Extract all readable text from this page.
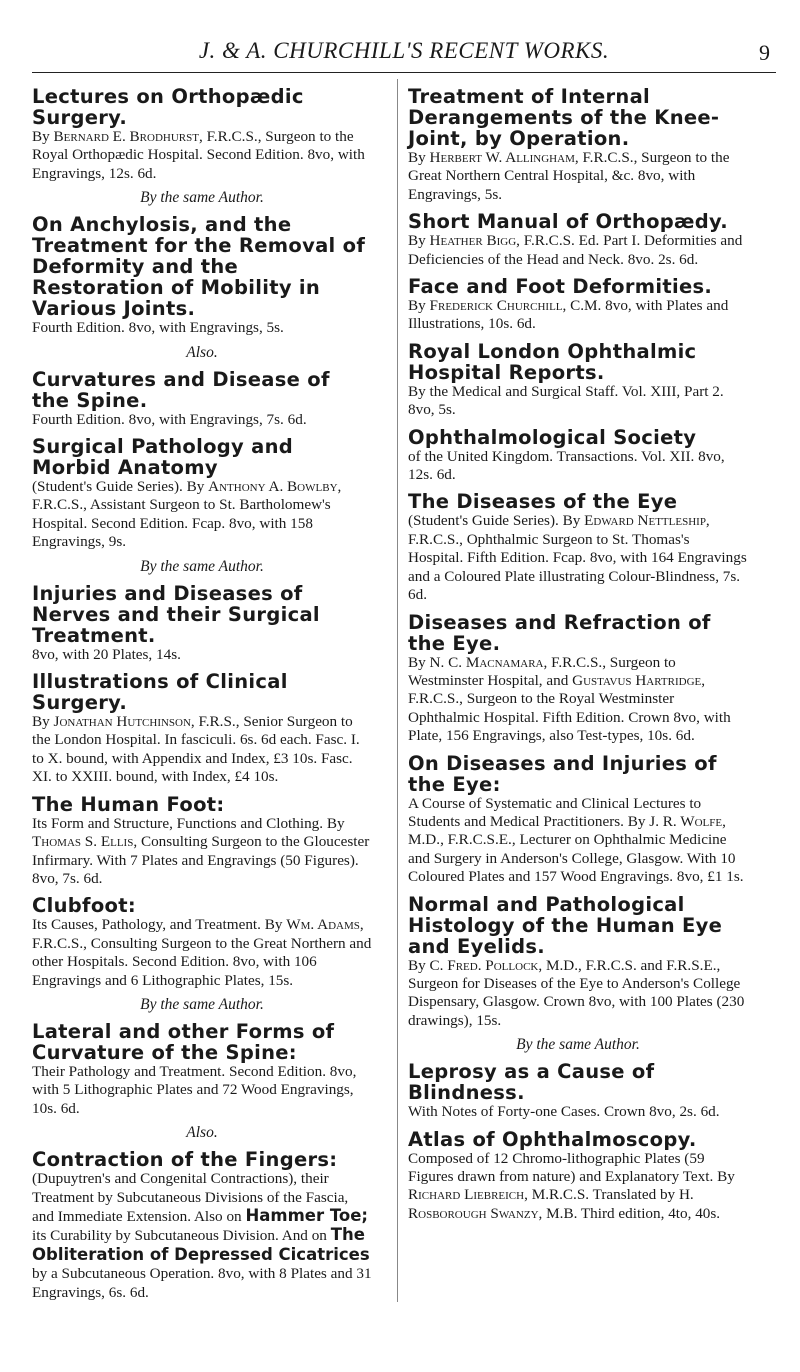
J. & A. CHURCHILL'S RECENT WORKS.	9
Lectures on Orthopædic Surgery.
By Bernard E. Brodhurst, F.R.C.S., Surgeon to the Royal Orthopædic Hospital. Second Edition. 8vo, with Engravings, 12s. 6d.
By the same Author.
On Anchylosis, and the Treatment for the Removal of Deformity and the Restoration of Mobility in Various Joints.
Fourth Edition. 8vo, with Engravings, 5s.
Also.
Curvatures and Disease of the Spine.
Fourth Edition. 8vo, with Engravings, 7s. 6d.
Surgical Pathology and Morbid Anatomy
(Student's Guide Series). By Anthony A. Bowlby, F.R.C.S., Assistant Surgeon to St. Bartholomew's Hospital. Second Edition. Fcap. 8vo, with 158 Engravings, 9s.
By the same Author.
Injuries and Diseases of Nerves and their Surgical Treatment.
8vo, with 20 Plates, 14s.
Illustrations of Clinical Surgery.
By Jonathan Hutchinson, F.R.S., Senior Surgeon to the London Hospital. In fasciculi. 6s. 6d each. Fasc. I. to X. bound, with Appendix and Index, £3 10s. Fasc. XI. to XXIII. bound, with Index, £4 10s.
The Human Foot:
Its Form and Structure, Functions and Clothing. By Thomas S. Ellis, Consulting Surgeon to the Gloucester Infirmary. With 7 Plates and Engravings (50 Figures). 8vo, 7s. 6d.
Clubfoot:
Its Causes, Pathology, and Treatment. By Wm. Adams, F.R.C.S., Consulting Surgeon to the Great Northern and other Hospitals. Second Edition. 8vo, with 106 Engravings and 6 Lithographic Plates, 15s.
By the same Author.
Lateral and other Forms of Curvature of the Spine:
Their Pathology and Treatment. Second Edition. 8vo, with 5 Lithographic Plates and 72 Wood Engravings, 10s. 6d.
Also.
Contraction of the Fingers:
(Dupuytren's and Congenital Contractions), their Treatment by Subcutaneous Divisions of the Fascia, and Immediate Extension. Also on Hammer Toe; its Curability by Subcutaneous Division. And on The Obliteration of Depressed Cicatrices by a Subcutaneous Operation. 8vo, with 8 Plates and 31 Engravings, 6s. 6d.
Treatment of Internal Derangements of the Knee-Joint, by Operation.
By Herbert W. Allingham, F.R.C.S., Surgeon to the Great Northern Central Hospital, &c. 8vo, with Engravings, 5s.
Short Manual of Orthopædy.
By Heather Bigg, F.R.C.S. Ed. Part I. Deformities and Deficiencies of the Head and Neck. 8vo. 2s. 6d.
Face and Foot Deformities.
By Frederick Churchill, C.M. 8vo, with Plates and Illustrations, 10s. 6d.
Royal London Ophthalmic Hospital Reports.
By the Medical and Surgical Staff. Vol. XIII, Part 2. 8vo, 5s.
Ophthalmological Society
of the United Kingdom. Transactions. Vol. XII. 8vo, 12s. 6d.
The Diseases of the Eye
(Student's Guide Series). By Edward Nettleship, F.R.C.S., Ophthalmic Surgeon to St. Thomas's Hospital. Fifth Edition. Fcap. 8vo, with 164 Engravings and a Coloured Plate illustrating Colour-Blindness, 7s. 6d.
Diseases and Refraction of the Eye.
By N. C. Macnamara, F.R.C.S., Surgeon to Westminster Hospital, and Gustavus Hartridge, F.R.C.S., Surgeon to the Royal Westminster Ophthalmic Hospital. Fifth Edition. Crown 8vo, with Plate, 156 Engravings, also Test-types, 10s. 6d.
On Diseases and Injuries of the Eye:
A Course of Systematic and Clinical Lectures to Students and Medical Practitioners. By J. R. Wolfe, M.D., F.R.C.S.E., Lecturer on Ophthalmic Medicine and Surgery in Anderson's College, Glasgow. With 10 Coloured Plates and 157 Wood Engravings. 8vo, £1 1s.
Normal and Pathological Histology of the Human Eye and Eyelids.
By C. Fred. Pollock, M.D., F.R.C.S. and F.R.S.E., Surgeon for Diseases of the Eye to Anderson's College Dispensary, Glasgow. Crown 8vo, with 100 Plates (230 drawings), 15s.
By the same Author.
Leprosy as a Cause of Blindness.
With Notes of Forty-one Cases. Crown 8vo, 2s. 6d.
Atlas of Ophthalmoscopy.
Composed of 12 Chromo-lithographic Plates (59 Figures drawn from nature) and Explanatory Text. By Richard Liebreich, M.R.C.S. Translated by H. Rosborough Swanzy, M.B. Third edition, 4to, 40s.
